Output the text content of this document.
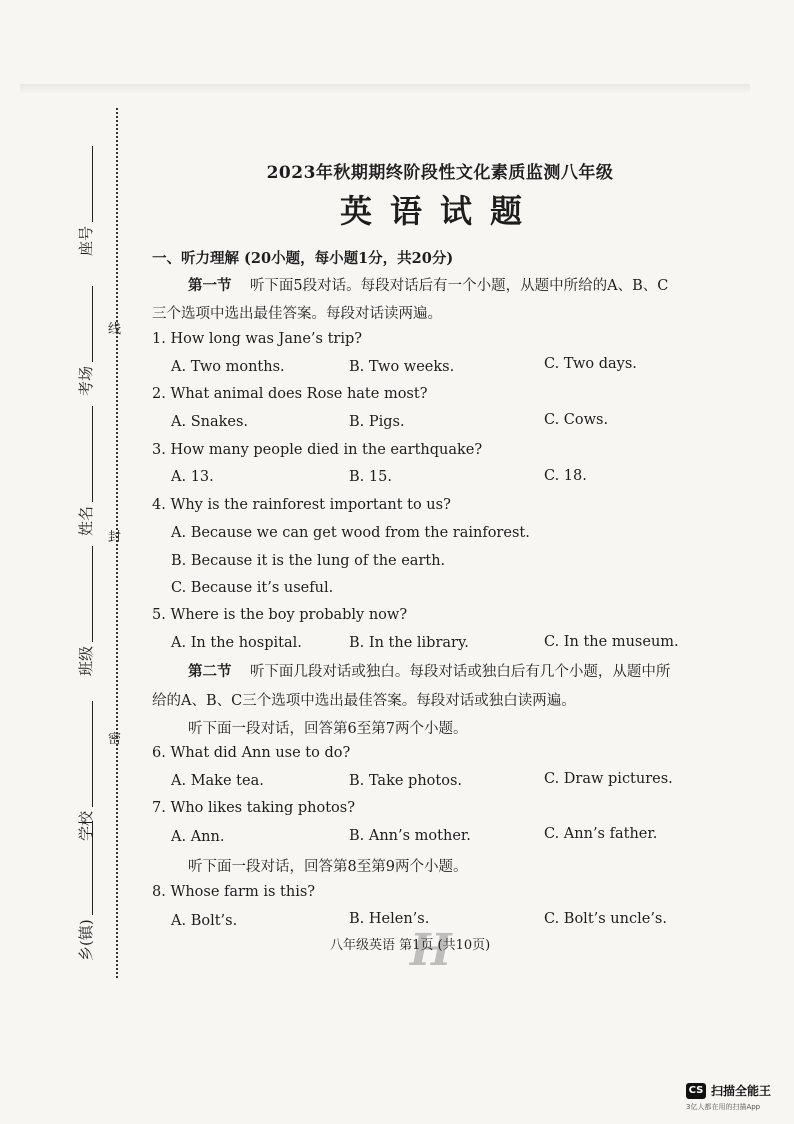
线
封
密
座号
考场
姓名
班级
学校
乡(镇)
2023年秋期期终阶段性文化素质监测八年级
英语试题
一、听力理解 (20小题，每小题1分，共20分)
第一节 听下面5段对话。每段对话后有一个小题，从题中所给的A、B、C
三个选项中选出最佳答案。每段对话读两遍。
1. How long was Jane’s trip?
A. Two months.	B. Two weeks.	C. Two days.
2. What animal does Rose hate most?
A. Snakes.	B. Pigs.	C. Cows.
3. How many people died in the earthquake?
A. 13.	B. 15.	C. 18.
4. Why is the rainforest important to us?
A. Because we can get wood from the rainforest.
B. Because it is the lung of the earth.
C. Because it’s useful.
5. Where is the boy probably now?
A. In the hospital.	B. In the library.	C. In the museum.
第二节 听下面几段对话或独白。每段对话或独白后有几个小题，从题中所
给的A、B、C三个选项中选出最佳答案。每段对话或独白读两遍。
听下面一段对话，回答第6至第7两个小题。
6. What did Ann use to do?
A. Make tea.	B. Take photos.	C. Draw pictures.
7. Who likes taking photos?
A. Ann.	B. Ann’s mother.	C. Ann’s father.
听下面一段对话，回答第8至第9两个小题。
8. Whose farm is this?
A. Bolt’s.	B. Helen’s.	C. Bolt’s uncle’s.
H
八年级英语 第1页 (共10页)
CS 扫描全能王
3亿人都在用的扫描App
